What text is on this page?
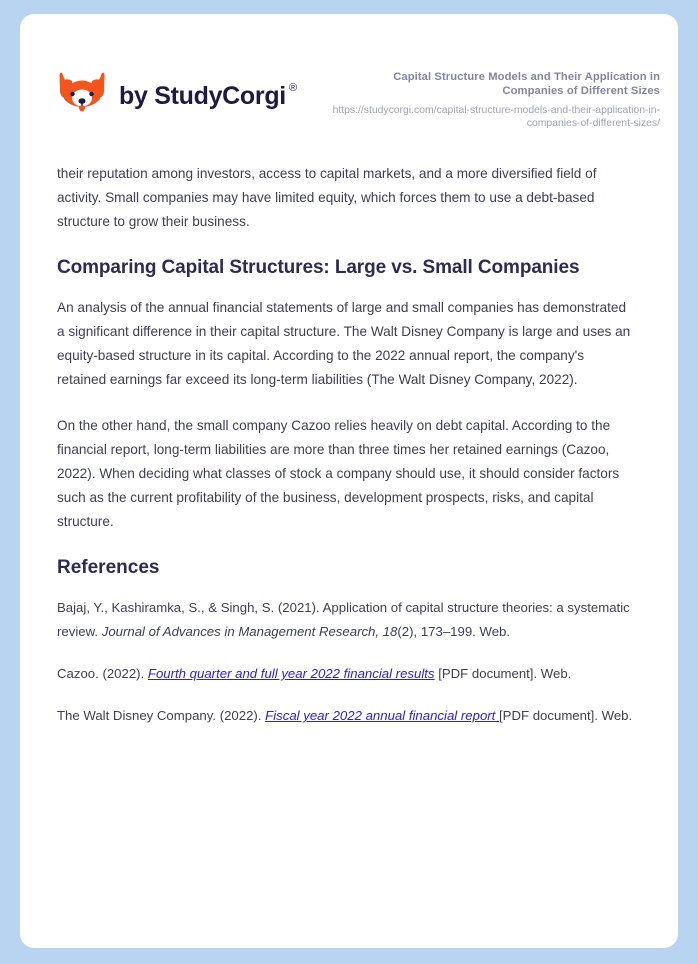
by StudyCorgi ®

Capital Structure Models and Their Application in Companies of Different Sizes

https://studycorgi.com/capital-structure-models-and-their-application-in-companies-of-different-sizes/

their reputation among investors, access to capital markets, and a more diversified field of activity. Small companies may have limited equity, which forces them to use a debt-based structure to grow their business.

Comparing Capital Structures: Large vs. Small Companies

An analysis of the annual financial statements of large and small companies has demonstrated a significant difference in their capital structure. The Walt Disney Company is large and uses an equity-based structure in its capital. According to the 2022 annual report, the company's retained earnings far exceed its long-term liabilities (The Walt Disney Company, 2022).

On the other hand, the small company Cazoo relies heavily on debt capital. According to the financial report, long-term liabilities are more than three times her retained earnings (Cazoo, 2022). When deciding what classes of stock a company should use, it should consider factors such as the current profitability of the business, development prospects, risks, and capital structure.

References

Bajaj, Y., Kashiramka, S., & Singh, S. (2021). Application of capital structure theories: a systematic review. Journal of Advances in Management Research, 18(2), 173–199. Web.

Cazoo. (2022). Fourth quarter and full year 2022 financial results [PDF document]. Web.

The Walt Disney Company. (2022). Fiscal year 2022 annual financial report [PDF document]. Web.
